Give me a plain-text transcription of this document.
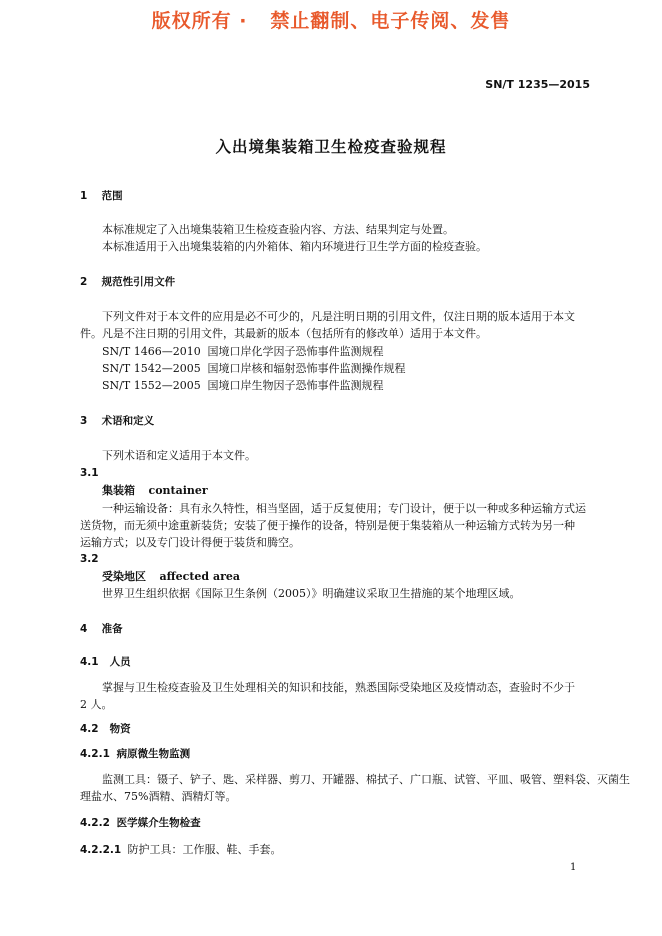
版权所有 ·   禁止翻制、电子传阅、发售
SN/T 1235—2015
入出境集装箱卫生检疫查验规程
1 范围
本标准规定了入出境集装箱卫生检疫查验内容、方法、结果判定与处置。
本标准适用于入出境集装箱的内外箱体、箱内环境进行卫生学方面的检疫查验。
2 规范性引用文件
下列文件对于本文件的应用是必不可少的，凡是注明日期的引用文件，仅注日期的版本适用于本文
件。凡是不注日期的引用文件，其最新的版本（包括所有的修改单）适用于本文件。
SN/T 1466—2010 国境口岸化学因子恐怖事件监测规程
SN/T 1542—2005 国境口岸核和辐射恐怖事件监测操作规程
SN/T 1552—2005 国境口岸生物因子恐怖事件监测规程
3 术语和定义
下列术语和定义适用于本文件。
3.1
集装箱 container
一种运输设备：具有永久特性，相当坚固，适于反复使用；专门设计，便于以一种或多种运输方式运
送货物，而无须中途重新装货；安装了便于操作的设备，特别是便于集装箱从一种运输方式转为另一种
运输方式；以及专门设计得便于装货和腾空。
3.2
受染地区 affected area
世界卫生组织依据《国际卫生条例（2005）》明确建议采取卫生措施的某个地理区域。
4 准备
4.1 人员
掌握与卫生检疫查验及卫生处理相关的知识和技能，熟悉国际受染地区及疫情动态，查验时不少于
2 人。
4.2 物资
4.2.1 病原微生物监测
监测工具：镊子、铲子、匙、采样器、剪刀、开罐器、棉拭子、广口瓶、试管、平皿、吸管、塑料袋、灭菌生
理盐水、75%酒精、酒精灯等。
4.2.2 医学媒介生物检查
4.2.2.1 防护工具：工作服、鞋、手套。
1
